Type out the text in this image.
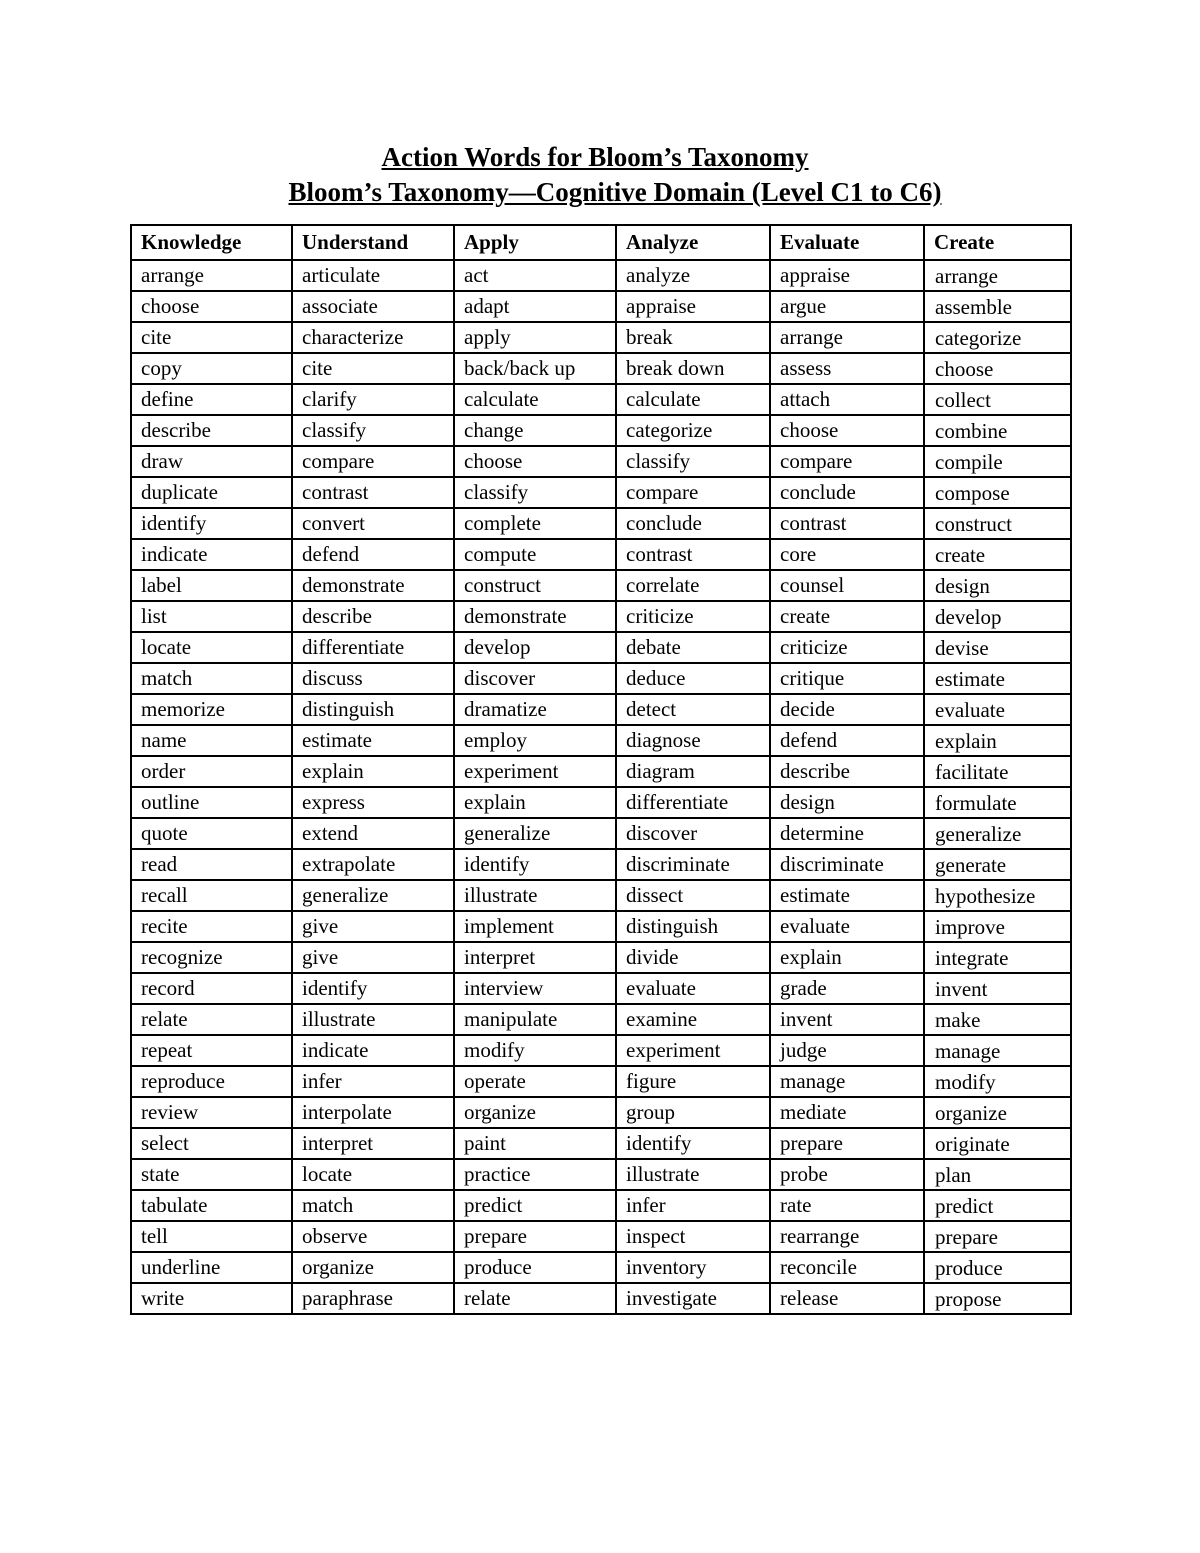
Action Words for Bloom’s Taxonomy
Bloom’s Taxonomy—Cognitive Domain (Level C1 to C6)
Knowledge	Understand	Apply	Analyze	Evaluate	Create
arrange	articulate	act	analyze	appraise	arrange
choose	associate	adapt	appraise	argue	assemble
cite	characterize	apply	break	arrange	categorize
copy	cite	back/back up	break down	assess	choose
define	clarify	calculate	calculate	attach	collect
describe	classify	change	categorize	choose	combine
draw	compare	choose	classify	compare	compile
duplicate	contrast	classify	compare	conclude	compose
identify	convert	complete	conclude	contrast	construct
indicate	defend	compute	contrast	core	create
label	demonstrate	construct	correlate	counsel	design
list	describe	demonstrate	criticize	create	develop
locate	differentiate	develop	debate	criticize	devise
match	discuss	discover	deduce	critique	estimate
memorize	distinguish	dramatize	detect	decide	evaluate
name	estimate	employ	diagnose	defend	explain
order	explain	experiment	diagram	describe	facilitate
outline	express	explain	differentiate	design	formulate
quote	extend	generalize	discover	determine	generalize
read	extrapolate	identify	discriminate	discriminate	generate
recall	generalize	illustrate	dissect	estimate	hypothesize
recite	give	implement	distinguish	evaluate	improve
recognize	give	interpret	divide	explain	integrate
record	identify	interview	evaluate	grade	invent
relate	illustrate	manipulate	examine	invent	make
repeat	indicate	modify	experiment	judge	manage
reproduce	infer	operate	figure	manage	modify
review	interpolate	organize	group	mediate	organize
select	interpret	paint	identify	prepare	originate
state	locate	practice	illustrate	probe	plan
tabulate	match	predict	infer	rate	predict
tell	observe	prepare	inspect	rearrange	prepare
underline	organize	produce	inventory	reconcile	produce
write	paraphrase	relate	investigate	release	propose
